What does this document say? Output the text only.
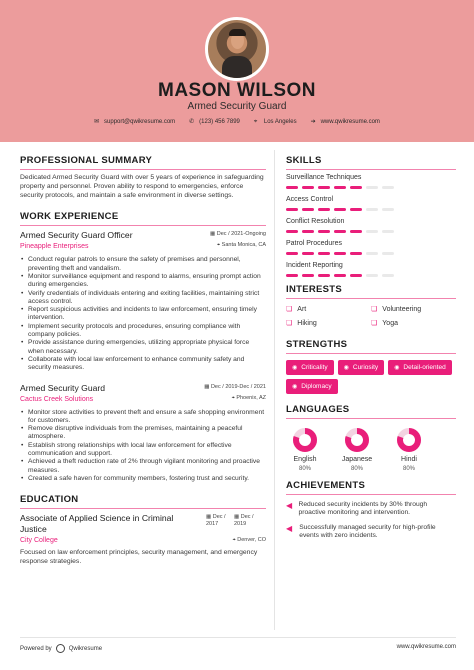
MASON WILSON
Armed Security Guard
✉ support@qwikresume.com ✆ (123) 456 7899 ⌖ Los Angeles ➔ www.qwikresume.com
PROFESSIONAL SUMMARY
Dedicated Armed Security Guard with over 5 years of experience in safeguarding property and personnel. Proven ability to respond to emergencies, enforce security protocols, and maintain a safe environment in diverse settings.
WORK EXPERIENCE
Armed Security Guard Officer	▦ Dec / 2021-Ongoing
Pineapple Enterprises	⌖ Santa Monica, CA
• Conduct regular patrols to ensure the safety of premises and personnel, preventing theft and vandalism.
• Monitor surveillance equipment and respond to alarms, ensuring prompt action during emergencies.
• Verify credentials of individuals entering and exiting facilities, maintaining strict access control.
• Report suspicious activities and incidents to law enforcement, ensuring timely intervention.
• Implement security protocols and procedures, ensuring compliance with company policies.
• Provide assistance during emergencies, utilizing appropriate physical force when necessary.
• Collaborate with local law enforcement to enhance community safety and security measures.
Armed Security Guard	▦ Dec / 2019-Dec / 2021
Cactus Creek Solutions	⌖ Phoenix, AZ
• Monitor store activities to prevent theft and ensure a safe shopping environment for customers.
• Remove disruptive individuals from the premises, maintaining a peaceful atmosphere.
• Establish strong relationships with local law enforcement for effective communication and support.
• Achieved a theft reduction rate of 2% through vigilant monitoring and proactive measures.
• Created a safe haven for community members, fostering trust and security.
EDUCATION
Associate of Applied Science in Criminal Justice
▦ Dec /
2017
▦ Dec /
2019
City College	⌖ Denver, CO
Focused on law enforcement principles, security management, and emergency response strategies.
SKILLS
Surveillance Techniques
Access Control
Conflict Resolution
Patrol Procedures
Incident Reporting
INTERESTS
❏ Art	❏ Volunteering
❏ Hiking	❏ Yoga
STRENGTHS
◉ Criticality	◉ Curiosity	◉ Detail-oriented
◉ Diplomacy
LANGUAGES
English
80%
Japanese
80%
Hindi
80%
ACHIEVEMENTS
◀ Reduced security incidents by 30% through proactive monitoring and intervention.
◀ Successfully managed security for high-profile events with zero incidents.
Powered by	Qwikresume	www.qwikresume.com
